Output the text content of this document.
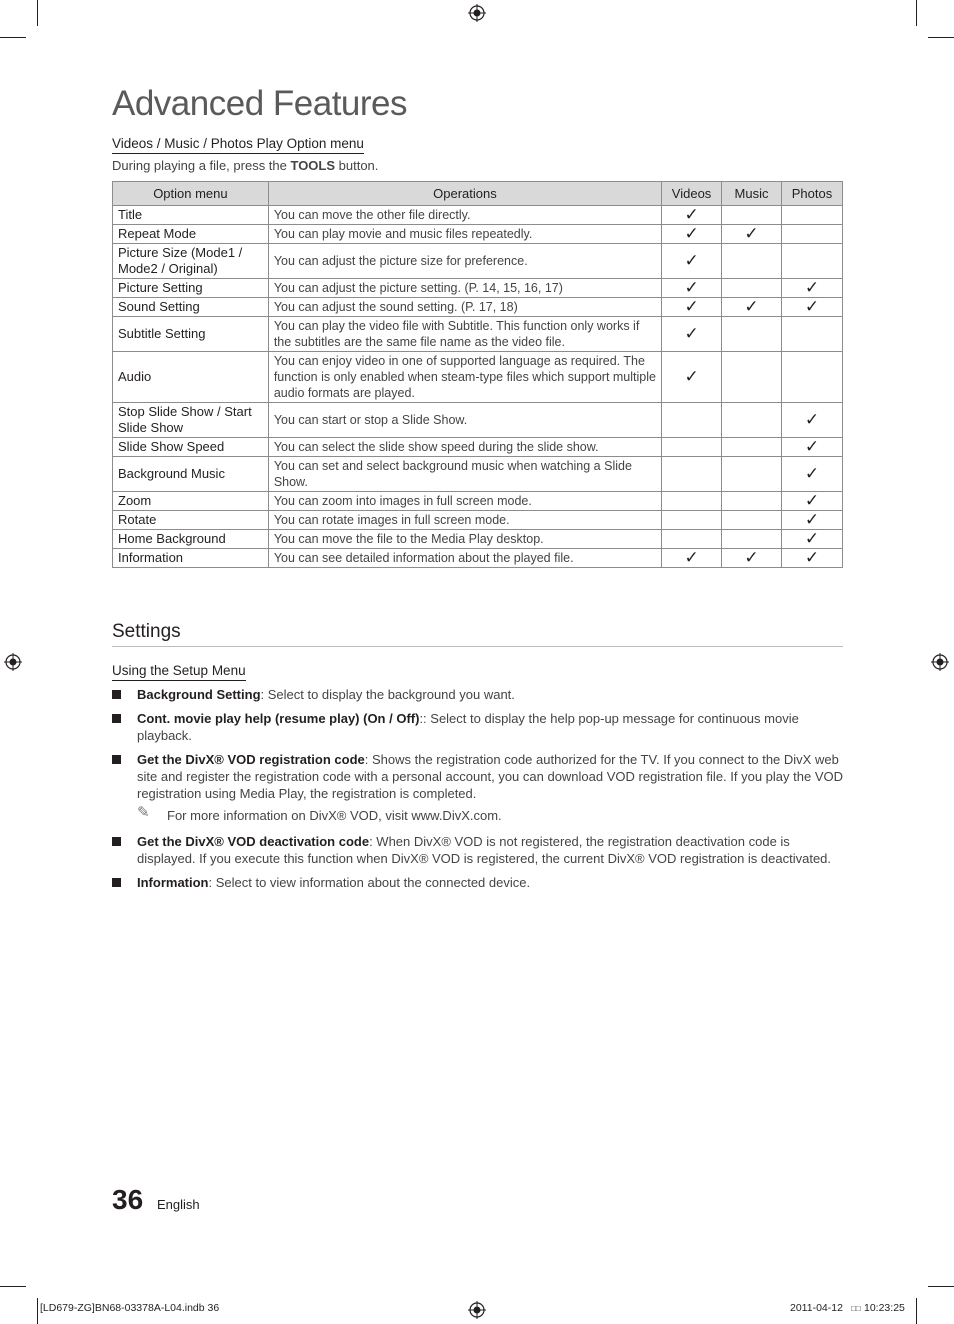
Advanced Features
Videos / Music / Photos Play Option menu
During playing a file, press the TOOLS button.
Option menu	Operations	Videos	Music	Photos
Title	You can move the other file directly.	✓		
Repeat Mode	You can play movie and music files repeatedly.	✓	✓	
Picture Size (Mode1 / Mode2 / Original)	You can adjust the picture size for preference.	✓		
Picture Setting	You can adjust the picture setting. (P. 14, 15, 16, 17)	✓		✓
Sound Setting	You can adjust the sound setting. (P. 17, 18)	✓	✓	✓
Subtitle Setting	You can play the video file with Subtitle. This function only works if the subtitles are the same file name as the video file.	✓		
Audio	You can enjoy video in one of supported language as required. The function is only enabled when steam-type files which support multiple audio formats are played.	✓		
Stop Slide Show / Start Slide Show	You can start or stop a Slide Show.			✓
Slide Show Speed	You can select the slide show speed during the slide show.			✓
Background Music	You can set and select background music when watching a Slide Show.			✓
Zoom	You can zoom into images in full screen mode.			✓
Rotate	You can rotate images in full screen mode.			✓
Home Background	You can move the file to the Media Play desktop.			✓
Information	You can see detailed information about the played file.	✓	✓	✓
Settings
Using the Setup Menu
Background Setting: Select to display the background you want.
Cont. movie play help (resume play) (On / Off):: Select to display the help pop-up message for continuous movie playback.
Get the DivX® VOD registration code: Shows the registration code authorized for the TV. If you connect to the DivX web site and register the registration code with a personal account, you can download VOD registration file. If you play the VOD registration using Media Play, the registration is completed.
✎ For more information on DivX® VOD, visit www.DivX.com.
Get the DivX® VOD deactivation code: When DivX® VOD is not registered, the registration deactivation code is displayed. If you execute this function when DivX® VOD is registered, the current DivX® VOD registration is deactivated.
Information: Select to view information about the connected device.
36 English
[LD679-ZG]BN68-03378A-L04.indb 36	2011-04-12 □□ 10:23:25
